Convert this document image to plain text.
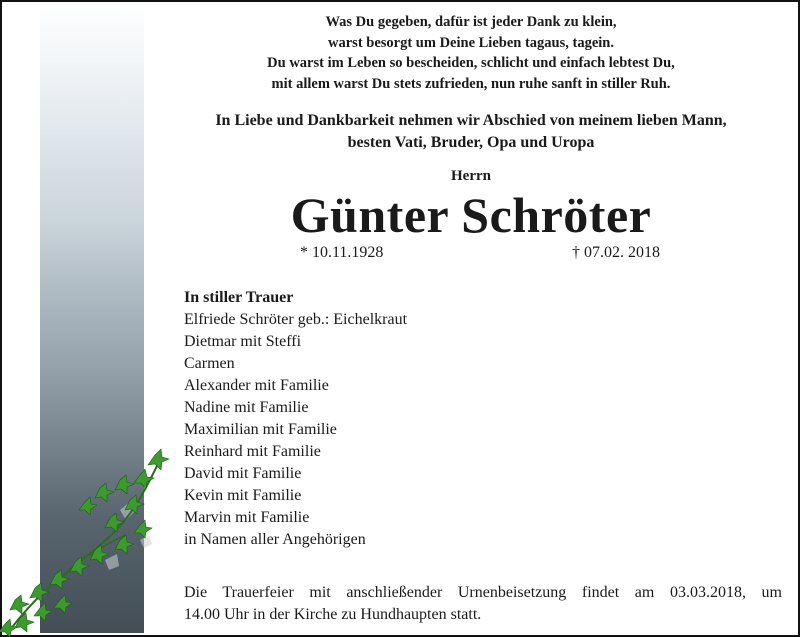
Was Du gegeben, dafür ist jeder Dank zu klein,
warst besorgt um Deine Lieben tagaus, tagein.
Du warst im Leben so bescheiden, schlicht und einfach lebtest Du,
mit allem warst Du stets zufrieden, nun ruhe sanft in stiller Ruh.
In Liebe und Dankbarkeit nehmen wir Abschied von meinem lieben Mann,
besten Vati, Bruder, Opa und Uropa
Herrn
Günter Schröter
* 10.11.1928	† 07.02. 2018
In stiller Trauer
Elfriede Schröter geb.: Eichelkraut
Dietmar mit Steffi
Carmen
Alexander mit Familie
Nadine mit Familie
Maximilian mit Familie
Reinhard mit Familie
David mit Familie
Kevin mit Familie
Marvin mit Familie
in Namen aller Angehörigen
Die Trauerfeier mit anschließender Urnenbeisetzung findet am 03.03.2018, um
14.00 Uhr in der Kirche zu Hundhaupten statt.
